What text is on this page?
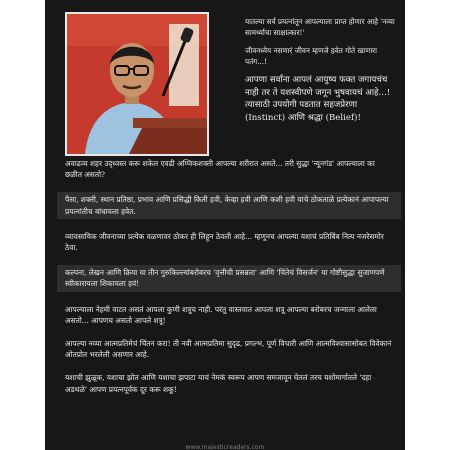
यातल्या सर्व प्रयत्नांतून आपल्याला प्राप्त होणार आहे 'नव्या सामर्थ्याचा साक्षात्कार!'

जीवनध्येय नसणारं जीवन म्हणजे हवेत गोते खाणारा पतंग...!

आपणा सर्वांना आपलं आयुष्य फक्त जगायचंच नाही तर ते यशस्वीपणे जगून भुषवायचं आहे...! त्यासाठी उपयोगी पडतात सहजप्रेरणा (Instinct) आणि श्रद्धा (Belief)!

अवाढव्य शहर उद्‌ध्वस्त करू शकेल एवढी अण्विकशक्ती आपल्या शरीरात असते... तरी सुद्धा 'न्यूनगंड' आपल्याला का छळीत असतो?

पैसा, शक्ती, स्थान प्रतिष्ठा, प्रभाव आणि प्रसिद्धी किती हवी, केव्हा हवी आणि कशी हवी याचे ठोकताळे प्रत्येकानं आपापल्या प्रयत्नांतीच बांधायला हवेत.

व्यावसायिक जीवनाच्या प्रत्येक वळणावर ठोकर ही लिहून ठेवली आहे... म्हणूनच आपल्या यशाचं प्रतिबिंब नित्य नजरेसमोर ठेवा.

कल्पना, लेखन आणि क्रिया या तीन गुरुकिल्ल्यांबरोबरच 'वृत्तीची प्रसन्नता' आणि 'चिंतेचं विसर्जन' या गोष्टीसुद्धा सुजाणपणे स्वीकारायला शिकायला हवं!

आपल्याला नेहमी वाटत असतं आपला कुणी शत्रूच नाही. परंतु वास्तवात आपला शत्रू आपल्या बरोबरच जन्माला आलेला असतो... आपणच असतो आपले शत्रू!

आपल्या नव्या आत्मप्रतिमेचं चिंतन करा! ती नवी आत्मप्रतिमा सुदृढ, प्रगल्भ, पूर्ण विचारी आणि आत्मविश्वासासोबत विवेकानं ओतप्रोत भरलेली असणार आहे.

यशाची झुळूक, यशाचा झोत आणि यशाचा झपाटा याचं नेमकं स्वरूप आपण समजावून घेतलं तरच यशोमार्गातले 'दहा अडथळे' आपण प्रयत्नपूर्वक दूर करू शकू!

www.majesticreaders.com
